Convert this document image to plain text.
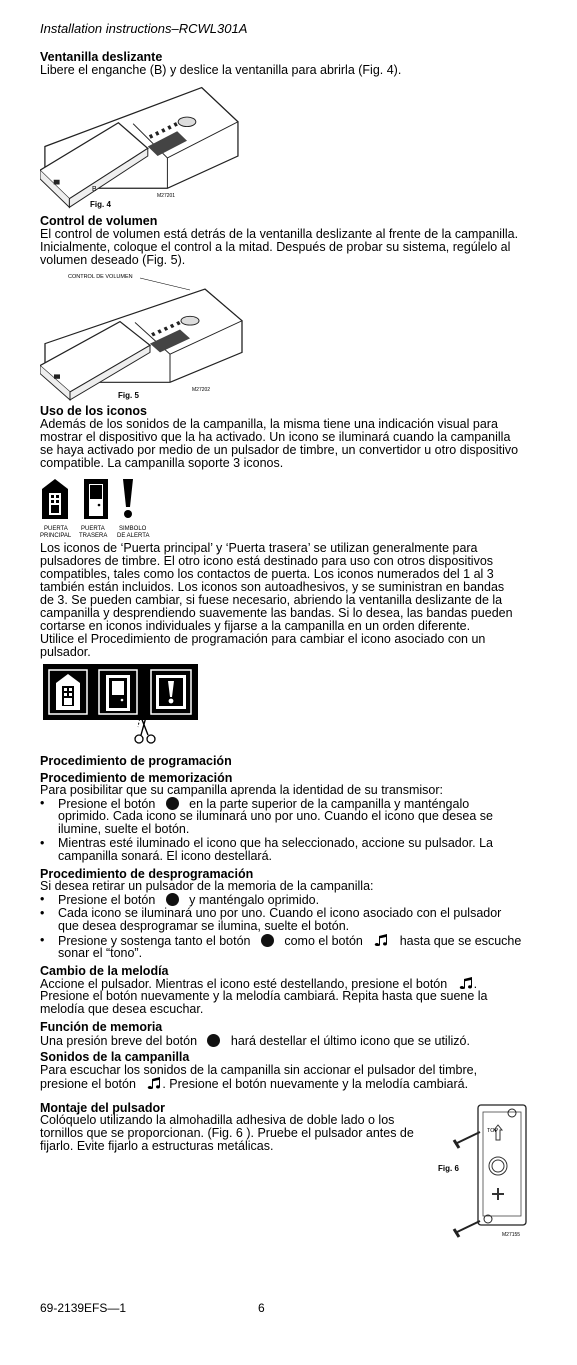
Installation instructions–RCWL301A
Ventanilla deslizante
Libere el enganche (B) y deslice la ventanilla para abrirla (Fig. 4).
B
Fig. 4
M27201
Control de volumen
El control de volumen está detrás de la ventanilla deslizante al frente de la campanilla.
Inicialmente, coloque el control a la mitad. Después de probar su sistema, regúlelo al
volumen deseado (Fig. 5).
CONTROL DE VOLUMEN
Fig. 5
M27202
Uso de los iconos
Además de los sonidos de la campanilla, la misma tiene una indicación visual para
mostrar el dispositivo que la ha activado. Un icono se iluminará cuando la campanilla
se haya activado por medio de un pulsador de timbre, un convertidor u otro dispositivo
compatible. La campanilla soporte 3 iconos.
PUERTA
PRINCIPAL
PUERTA
TRASERA
SIMBOLO
DE ALERTA
Los iconos de ‘Puerta principal’ y ‘Puerta trasera’ se utilizan generalmente para
pulsadores de timbre. El otro icono está destinado para uso con otros dispositivos
compatibles, tales como los contactos de puerta. Los iconos numerados del 1 al 3
también están incluidos. Los iconos son autoadhesivos, y se suministran en bandas
de 3. Se pueden cambiar, si fuese necesario, abriendo la ventanilla deslizante de la
campanilla y desprendiendo suavemente las bandas. Si lo desea, las bandas pueden
cortarse en iconos individuales y fijarse a la campanilla en un orden diferente.
Utilice el Procedimiento de programación para cambiar el icono asociado con un
pulsador.
Procedimiento de programación
Procedimiento de memorización
Para posibilitar que su campanilla aprenda la identidad de su transmisor:
• Presione el botón	en la parte superior de la campanilla y manténgalo
oprimido. Cada icono se iluminará uno por uno. Cuando el icono que desea se
ilumine, suelte el botón.
• Mientras esté iluminado el icono que ha seleccionado, accione su pulsador. La
campanilla sonará. El icono destellará.
Procedimiento de desprogramación
Si desea retirar un pulsador de la memoria de la campanilla:
• Presione el botón	y manténgalo oprimido.
• Cada icono se iluminará uno por uno. Cuando el icono asociado con el pulsador
que desea desprogramar se ilumina, suelte el botón.
• Presione y sostenga tanto el botón	como el botón	hasta que se escuche
sonar el “tono”.
Cambio de la melodía
Accione el pulsador. Mientras el icono esté destellando, presione el botón .
Presione el botón nuevamente y la melodía cambiará. Repita hasta que suene la
melodía que desea escuchar.
Función de memoria
Una presión breve del botón	hará destellar el último icono que se utilizó.
Sonidos de la campanilla
Para escuchar los sonidos de la campanilla sin accionar el pulsador del timbre,
presione el botón . Presione el botón nuevamente y la melodía cambiará.
Montaje del pulsador
Colóquelo utilizando la almohadilla adhesiva de doble lado o los
tornillos que se proporcionan. (Fig. 6 ). Pruebe el pulsador antes de
fijarlo. Evite fijarlo a estructuras metálicas.
Fig. 6
TOP
M27155
69-2139EFS—1	6
